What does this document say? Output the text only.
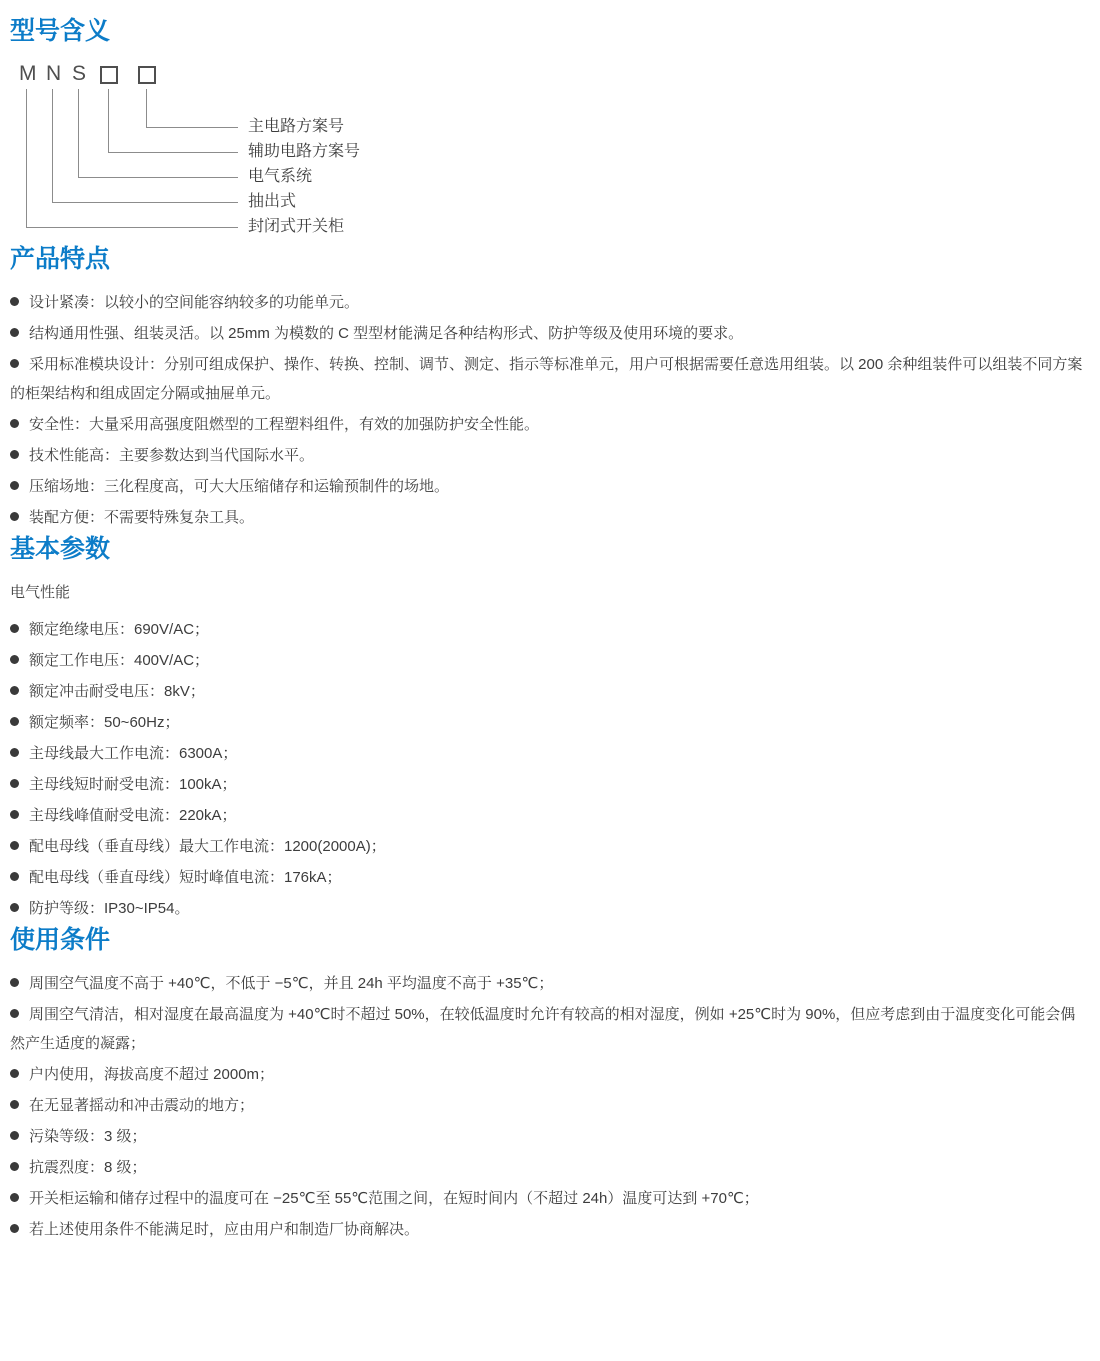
型号含义
M N S
主电路方案号
辅助电路方案号
电气系统
抽出式
封闭式开关柜
产品特点
设计紧凑：以较小的空间能容纳较多的功能单元。
结构通用性强、组装灵活。以 25mm 为模数的 C 型型材能满足各种结构形式、防护等级及使用环境的要求。
采用标准模块设计：分别可组成保护、操作、转换、控制、调节、测定、指示等标准单元，用户可根据需要任意选用组装。以 200 余种组装件可以组装不同方案的柜架结构和组成固定分隔或抽屉单元。
安全性：大量采用高强度阻燃型的工程塑料组件，有效的加强防护安全性能。
技术性能高：主要参数达到当代国际水平。
压缩场地：三化程度高，可大大压缩储存和运输预制件的场地。
装配方便：不需要特殊复杂工具。
基本参数
电气性能
额定绝缘电压：690V/AC；
额定工作电压：400V/AC；
额定冲击耐受电压：8kV；
额定频率：50~60Hz；
主母线最大工作电流：6300A；
主母线短时耐受电流：100kA；
主母线峰值耐受电流：220kA；
配电母线（垂直母线）最大工作电流：1200(2000A)；
配电母线（垂直母线）短时峰值电流：176kA；
防护等级：IP30~IP54。
使用条件
周围空气温度不高于 +40℃，不低于 −5℃，并且 24h 平均温度不高于 +35℃；
周围空气清洁，相对湿度在最高温度为 +40℃时不超过 50%，在较低温度时允许有较高的相对湿度，例如 +25℃时为 90%，但应考虑到由于温度变化可能会偶然产生适度的凝露；
户内使用，海拔高度不超过 2000m；
在无显著摇动和冲击震动的地方；
污染等级：3 级；
抗震烈度：8 级；
开关柜运输和储存过程中的温度可在 −25℃至 55℃范围之间，在短时间内（不超过 24h）温度可达到 +70℃；
若上述使用条件不能满足时，应由用户和制造厂协商解决。
